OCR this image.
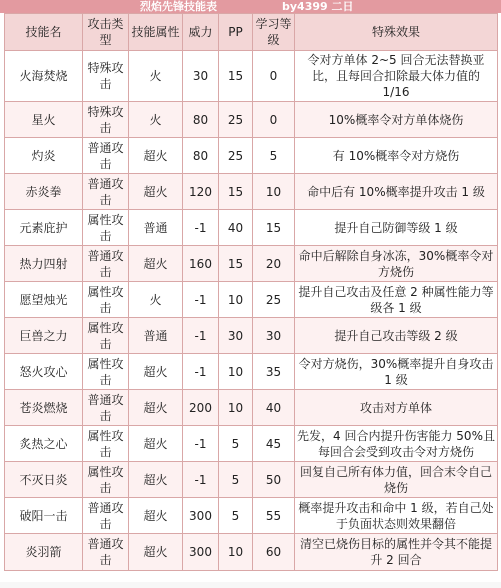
烈焰先锋技能表	by4399 二日
技能名	攻击类型	技能属性	威力	PP	学习等级	特殊效果
火海焚烧	特殊攻击	火	30	15	0	令对方单体 2~5 回合无法替换亚比，且每回合扣除最大体力值的 1/16
星火	特殊攻击	火	80	25	0	10%概率令对方单体烧伤
灼炎	普通攻击	超火	80	25	5	有 10%概率令对方烧伤
赤炎拳	普通攻击	超火	120	15	10	命中后有 10%概率提升攻击 1 级
元素庇护	属性攻击	普通	-1	40	15	提升自己防御等级 1 级
热力四射	普通攻击	超火	160	15	20	命中后解除自身冰冻，30%概率令对方烧伤
愿望烛光	属性攻击	火	-1	10	25	提升自己攻击及任意 2 种属性能力等级各 1 级
巨兽之力	属性攻击	普通	-1	30	30	提升自己攻击等级 2 级
怒火攻心	属性攻击	超火	-1	10	35	令对方烧伤，30%概率提升自身攻击 1 级
苍炎燃烧	普通攻击	超火	200	10	40	攻击对方单体
炙热之心	属性攻击	超火	-1	5	45	先发，4 回合内提升伤害能力 50%且每回合会受到攻击令对方烧伤
不灭日炎	属性攻击	超火	-1	5	50	回复自己所有体力值，回合末令自己烧伤
破阳一击	普通攻击	超火	300	5	55	概率提升攻击和命中 1 级，若自己处于负面状态则效果翻倍
炎羽箭	普通攻击	超火	300	10	60	清空已烧伤目标的属性并令其不能提升 2 回合
